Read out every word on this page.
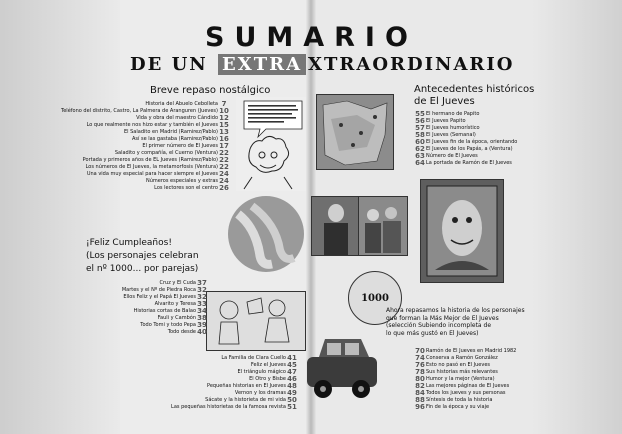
SUMARIO
DE UN EXTRA XTRAORDINARIO
Breve repaso nostálgico
Historia del Abuelo Cebolleta 7
Teléfono del distrito, Castro, La Palmera de Aranguren (Jueves) 10
Vida y obra del maestro Cándido 12
Lo que realmente nos hizo estar y también el Jueves 15
El Saladito en Madrid (Ramirez/Pablo) 13
Así se las gastaba (Ramirez/Pablo) 16
El primer número de El Jueves 17
Saladito y compañía, el Cuerno (Ventura) 22
Portada y primeros años de EL Jueves (Ramirez/Pablo) 22
Los números de El Jueves, la metamorfosis (Ventura) 22
Una vida muy especial para hacer siempre el Jueves 24
Números especiales y extras 24
Los lectores son el centro 26
1000
¡Feliz Cumpleaños!
(Los personajes celebran
el nº 1000... por parejas)
Cruz y El Cuda 37
Martes y el Nº de Piedra Roca 32
Ellos Feliz y el Papá El Jueves 32
Alvarito y Teresa 33
Historias cortas de Balao 34
Fauli y Cambón 38
Todo Tomi y todo Pepa 39
Todo desde 40
La Familia de Clara Cuello 41
Feliz el Jueves 45
El triángulo mágico 47
El Otro y Bisbe 46
Pequeñas historias en El Jueves 48
Vernon y los dramas 49
Sácate y la historieta de mi vida 50
Las pequeñas historietas de la famosa revista 51
Antecedentes históricos
de El Jueves
55 El hermano de Papito
56 El Jueves Papito
57 El Jueves humorístico
58 El Jueves (Semanal)
60 El Jueves fin de la época, orientando
62 El Jueves de los Papás, a (Ventura)
63 Número de El Jueves
64 La portada de Ramón de El Jueves
Ahora repasamos la historia de los personajes
que forman la Más Mejor de El Jueves
(selección Subiendo incompleta de
lo que más gustó en El Jueves)
70 Ramón de El Jueves en Madrid 1982
74 Conserva a Ramón González
76 Esto no pasó en El Jueves
78 Sus historias más relevantes
80 Humor y la mejor (Ventura)
82 Las mejores páginas de El Jueves
84 Todos los jueves y sus personas
88 Síntesis de toda la historia
96 Fin de la época y su viaje
